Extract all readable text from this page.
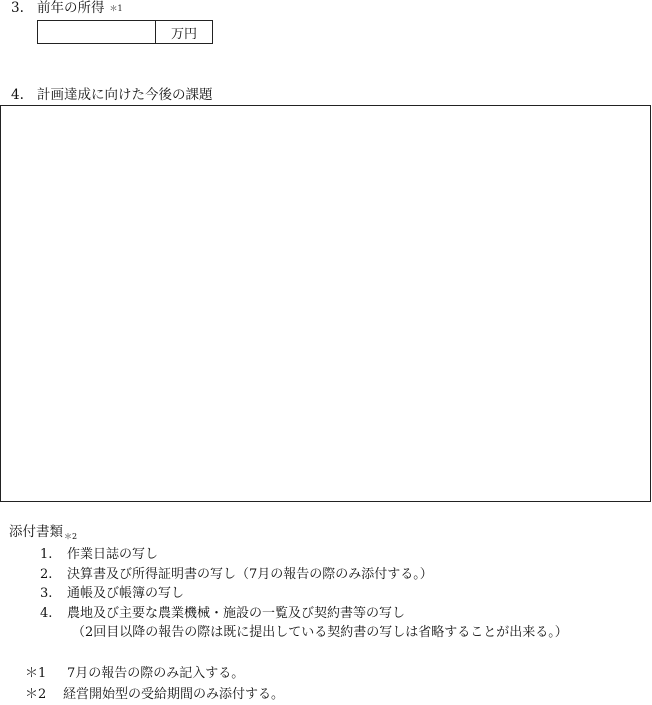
3. 前年の所得 $^{*1}$
万円
4. 計画達成に向けた今後の課題
添付書類$_{*2}$
1. 作業日誌の写し
2. 決算書及び所得証明書の写し（7月の報告の際のみ添付する。）
3. 通帳及び帳簿の写し
4. 農地及び主要な農業機械・施設の一覧及び契約書等の写し
（2回目以降の報告の際は既に提出している契約書の写しは省略することが出来る。）
＊1 7月の報告の際のみ記入する。
＊2 経営開始型の受給期間のみ添付する。
